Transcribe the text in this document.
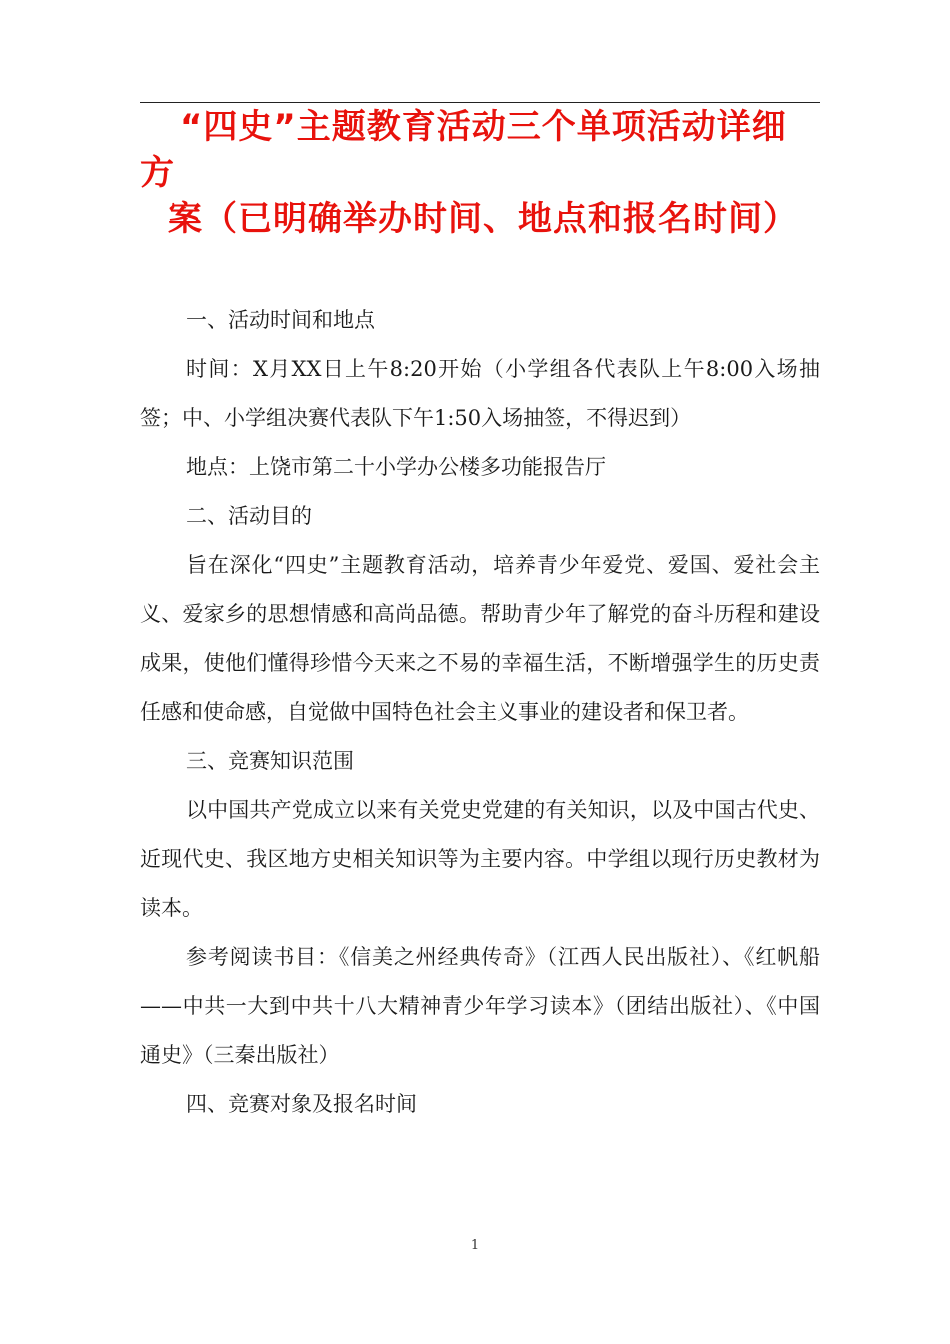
“四史”主题教育活动三个单项活动详细
方
案（已明确举办时间、地点和报名时间）

一、活动时间和地点

时间：X月XX日上午8:20开始（小学组各代表队上午8:00入场抽签；中、小学组决赛代表队下午1:50入场抽签，不得迟到）

地点：上饶市第二十小学办公楼多功能报告厅

二、活动目的

旨在深化“四史”主题教育活动，培养青少年爱党、爱国、爱社会主义、爱家乡的思想情感和高尚品德。帮助青少年了解党的奋斗历程和建设成果，使他们懂得珍惜今天来之不易的幸福生活，不断增强学生的历史责任感和使命感，自觉做中国特色社会主义事业的建设者和保卫者。

三、竞赛知识范围

以中国共产党成立以来有关党史党建的有关知识，以及中国古代史、近现代史、我区地方史相关知识等为主要内容。中学组以现行历史教材为读本。

参考阅读书目：《信美之州经典传奇》（江西人民出版社）、《红帆船——中共一大到中共十八大精神青少年学习读本》（团结出版社）、《中国通史》（三秦出版社）

四、竞赛对象及报名时间

1
